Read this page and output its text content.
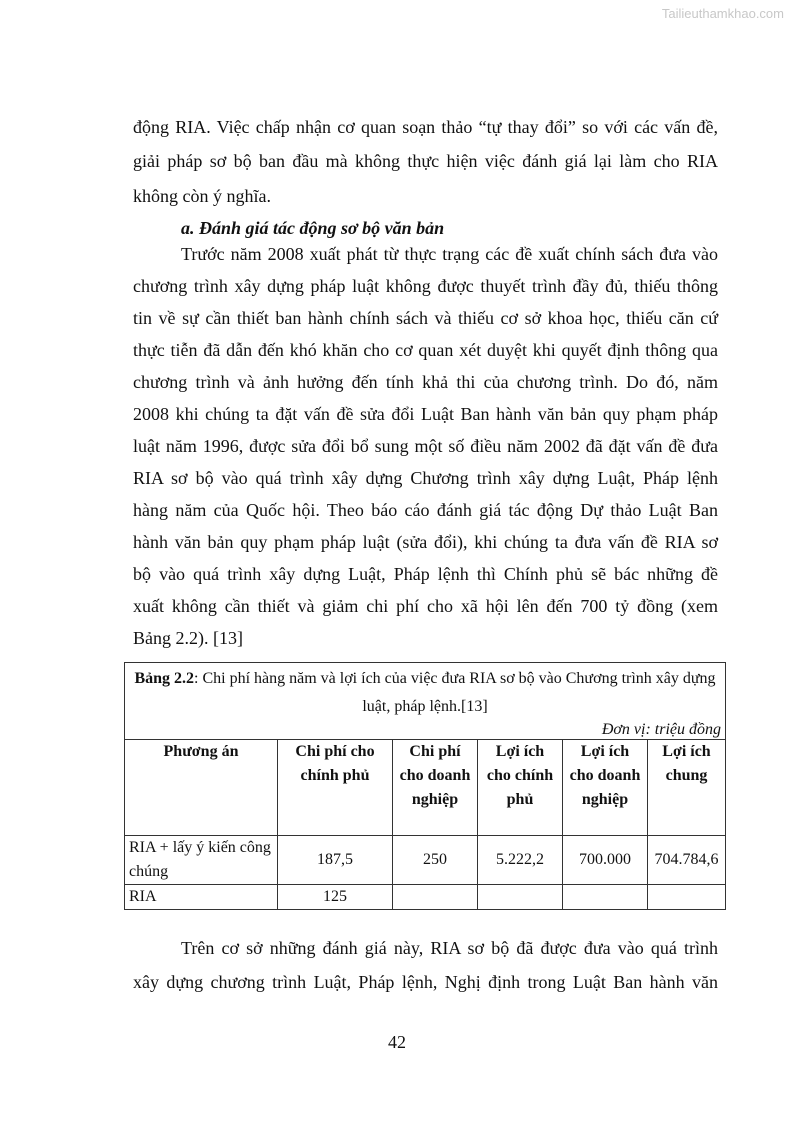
Tailieuthamkhao.com
động RIA. Việc chấp nhận cơ quan soạn thảo “tự thay đổi” so với các vấn đề,
giải pháp sơ bộ ban đầu mà không thực hiện việc đánh giá lại làm cho RIA
không còn ý nghĩa.
a. Đánh giá tác động sơ bộ văn bản
Trước năm 2008 xuất phát từ thực trạng các đề xuất chính sách đưa vào
chương trình xây dựng pháp luật không được thuyết trình đầy đủ, thiếu thông
tin về sự cần thiết ban hành chính sách và thiếu cơ sở khoa học, thiếu căn cứ
thực tiễn đã dẫn đến khó khăn cho cơ quan xét duyệt khi quyết định thông qua
chương trình và ảnh hưởng đến tính khả thi của chương trình. Do đó, năm
2008 khi chúng ta đặt vấn đề sửa đổi Luật Ban hành văn bản quy phạm pháp
luật năm 1996, được sửa đổi bổ sung một số điều năm 2002 đã đặt vấn đề đưa
RIA sơ bộ vào quá trình xây dựng Chương trình xây dựng Luật, Pháp lệnh
hàng năm của Quốc hội. Theo báo cáo đánh giá tác động Dự thảo Luật Ban
hành văn bản quy phạm pháp luật (sửa đổi), khi chúng ta đưa vấn đề RIA sơ
bộ vào quá trình xây dựng Luật, Pháp lệnh thì Chính phủ sẽ bác những đề
xuất không cần thiết và giảm chi phí cho xã hội lên đến 700 tỷ đồng (xem
Bảng 2.2). [13]
Bảng 2.2: Chi phí hàng năm và lợi ích của việc đưa RIA sơ bộ vào Chương trình xây dựng luật, pháp lệnh.[13]					
Đơn vị: triệu đồng					
Phương án	Chi phí cho chính phủ	Chi phí cho doanh nghiệp	Lợi ích cho chính phủ	Lợi ích cho doanh nghiệp	Lợi ích chung
RIA + lấy ý kiến công chúng	187,5	250	5.222,2	700.000	704.784,6
RIA	125				
Trên cơ sở những đánh giá này, RIA sơ bộ đã được đưa vào quá trình
xây dựng chương trình Luật, Pháp lệnh, Nghị định trong Luật Ban hành văn
42
